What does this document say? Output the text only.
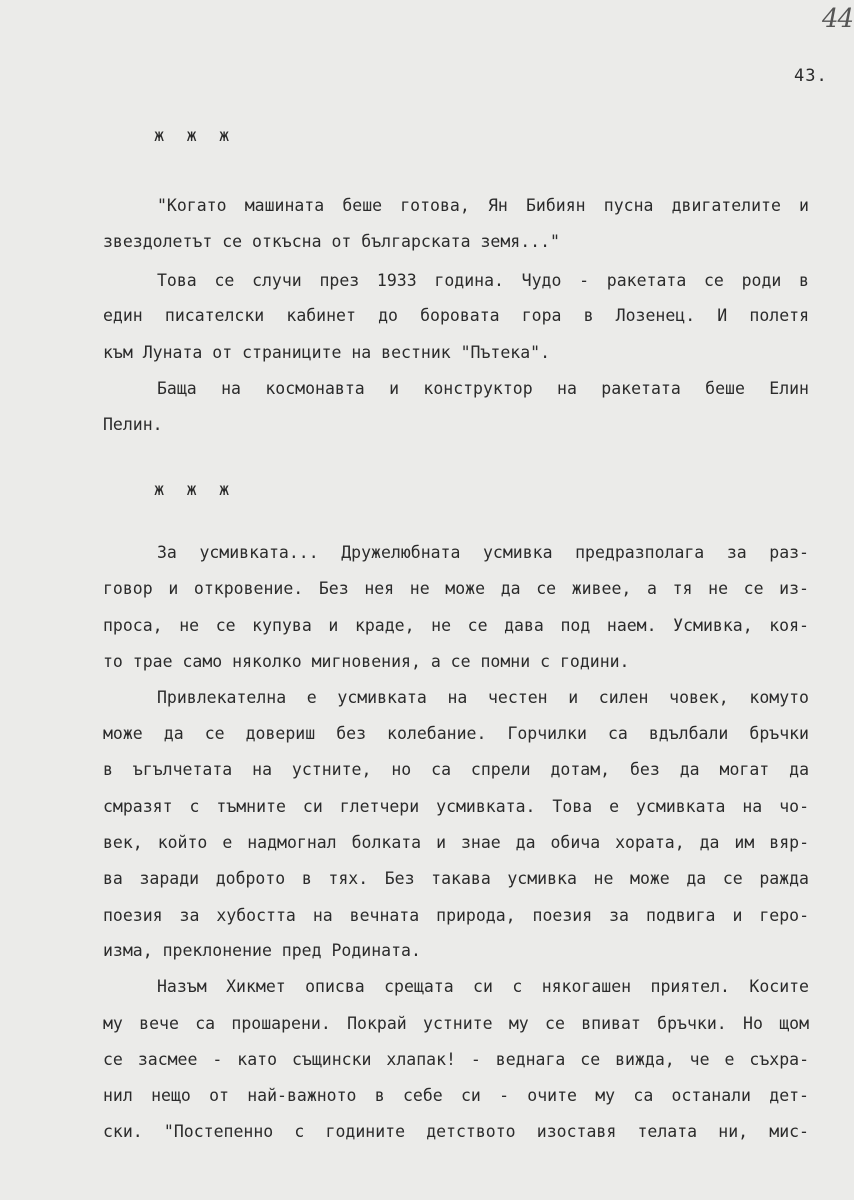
44
43.
ж ж ж
"Когато машината беше готова, Ян Бибиян пусна двигателите и
звездолетът се откъсна от българската земя..."
Това се случи през 1933 година. Чудо - ракетата се роди в
един писателски кабинет до боровата гора в Лозенец. И полетя
към Луната от страниците на вестник "Пътека".
Баща на космонавта и конструктор на ракетата беше Елин
Пелин.
ж ж ж
За усмивката... Дружелюбната усмивка предразполага за раз-
говор и откровение. Без нея не може да се живее, а тя не се из-
проса, не се купува и краде, не се дава под наем. Усмивка, коя-
то трае само няколко мигновения, а се помни с години.
Привлекателна е усмивката на честен и силен човек, комуто
може да се довериш без колебание. Горчилки са вдълбали бръчки
в ъгълчетата на устните, но са спрели дотам, без да могат да
смразят с тъмните си глетчери усмивката. Това е усмивката на чо-
век, който е надмогнал болката и знае да обича хората, да им вяр-
ва заради доброто в тях. Без такава усмивка не може да се ражда
поезия за хубостта на вечната природа, поезия за подвига и геро-
изма, преклонение пред Родината.
Назъм Хикмет описва срещата си с някогашен приятел. Косите
му вече са прошарени. Покрай устните му се впиват бръчки. Но щом
се засмее - като същински хлапак! - веднага се вижда, че е съхра-
нил нещо от най-важното в себе си - очите му са останали дет-
ски. "Постепенно с годините детството изоставя телата ни, мис-
